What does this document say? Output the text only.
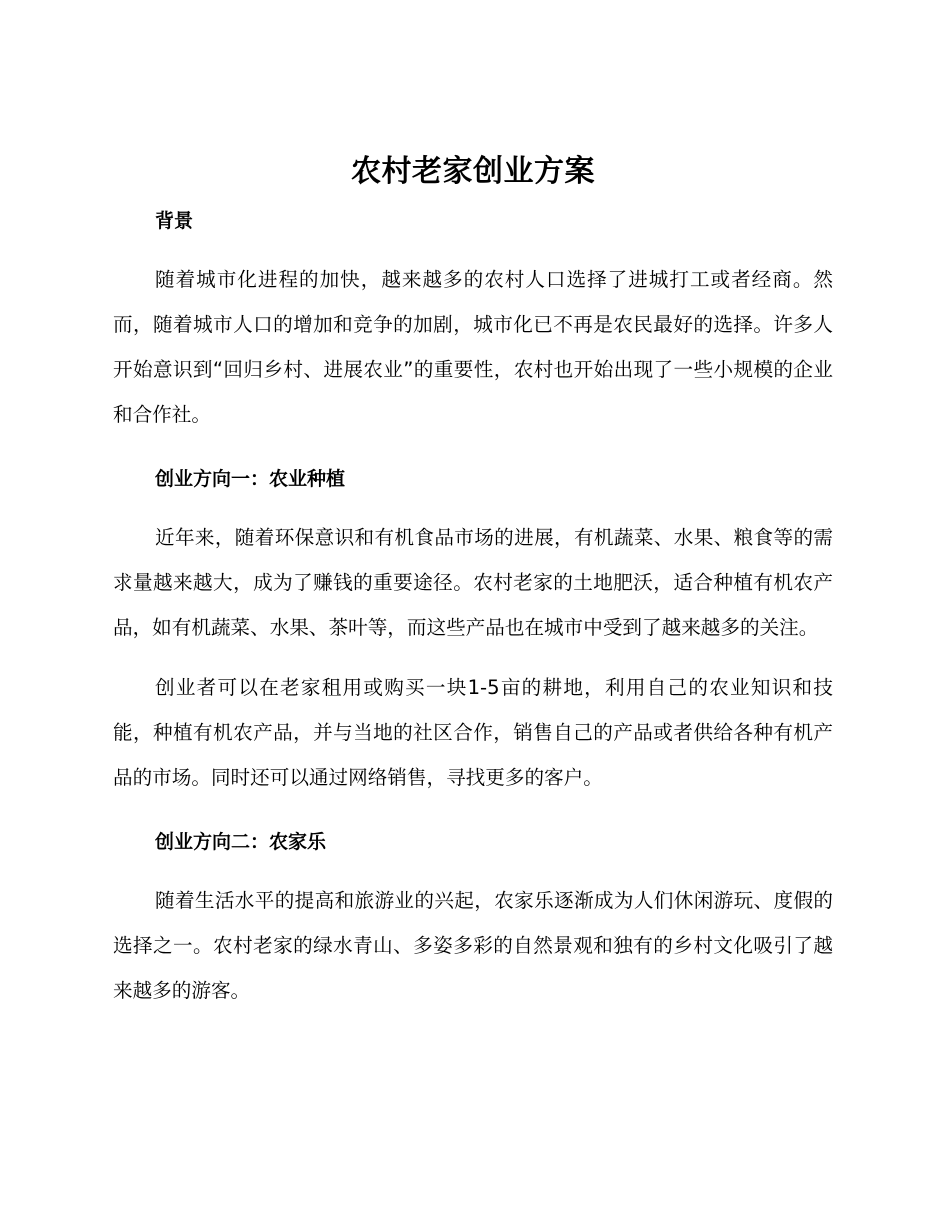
农村老家创业方案
背景

随着城市化进程的加快，越来越多的农村人口选择了进城打工或者经商。然而，随着城市人口的增加和竞争的加剧，城市化已不再是农民最好的选择。许多人开始意识到“回归乡村、进展农业”的重要性，农村也开始出现了一些小规模的企业和合作社。

创业方向一：农业种植

近年来，随着环保意识和有机食品市场的进展，有机蔬菜、水果、粮食等的需求量越来越大，成为了赚钱的重要途径。农村老家的土地肥沃，适合种植有机农产品，如有机蔬菜、水果、茶叶等，而这些产品也在城市中受到了越来越多的关注。

创业者可以在老家租用或购买一块1-5亩的耕地，利用自己的农业知识和技能，种植有机农产品，并与当地的社区合作，销售自己的产品或者供给各种有机产品的市场。同时还可以通过网络销售，寻找更多的客户。

创业方向二：农家乐

随着生活水平的提高和旅游业的兴起，农家乐逐渐成为人们休闲游玩、度假的选择之一。农村老家的绿水青山、多姿多彩的自然景观和独有的乡村文化吸引了越来越多的游客。
